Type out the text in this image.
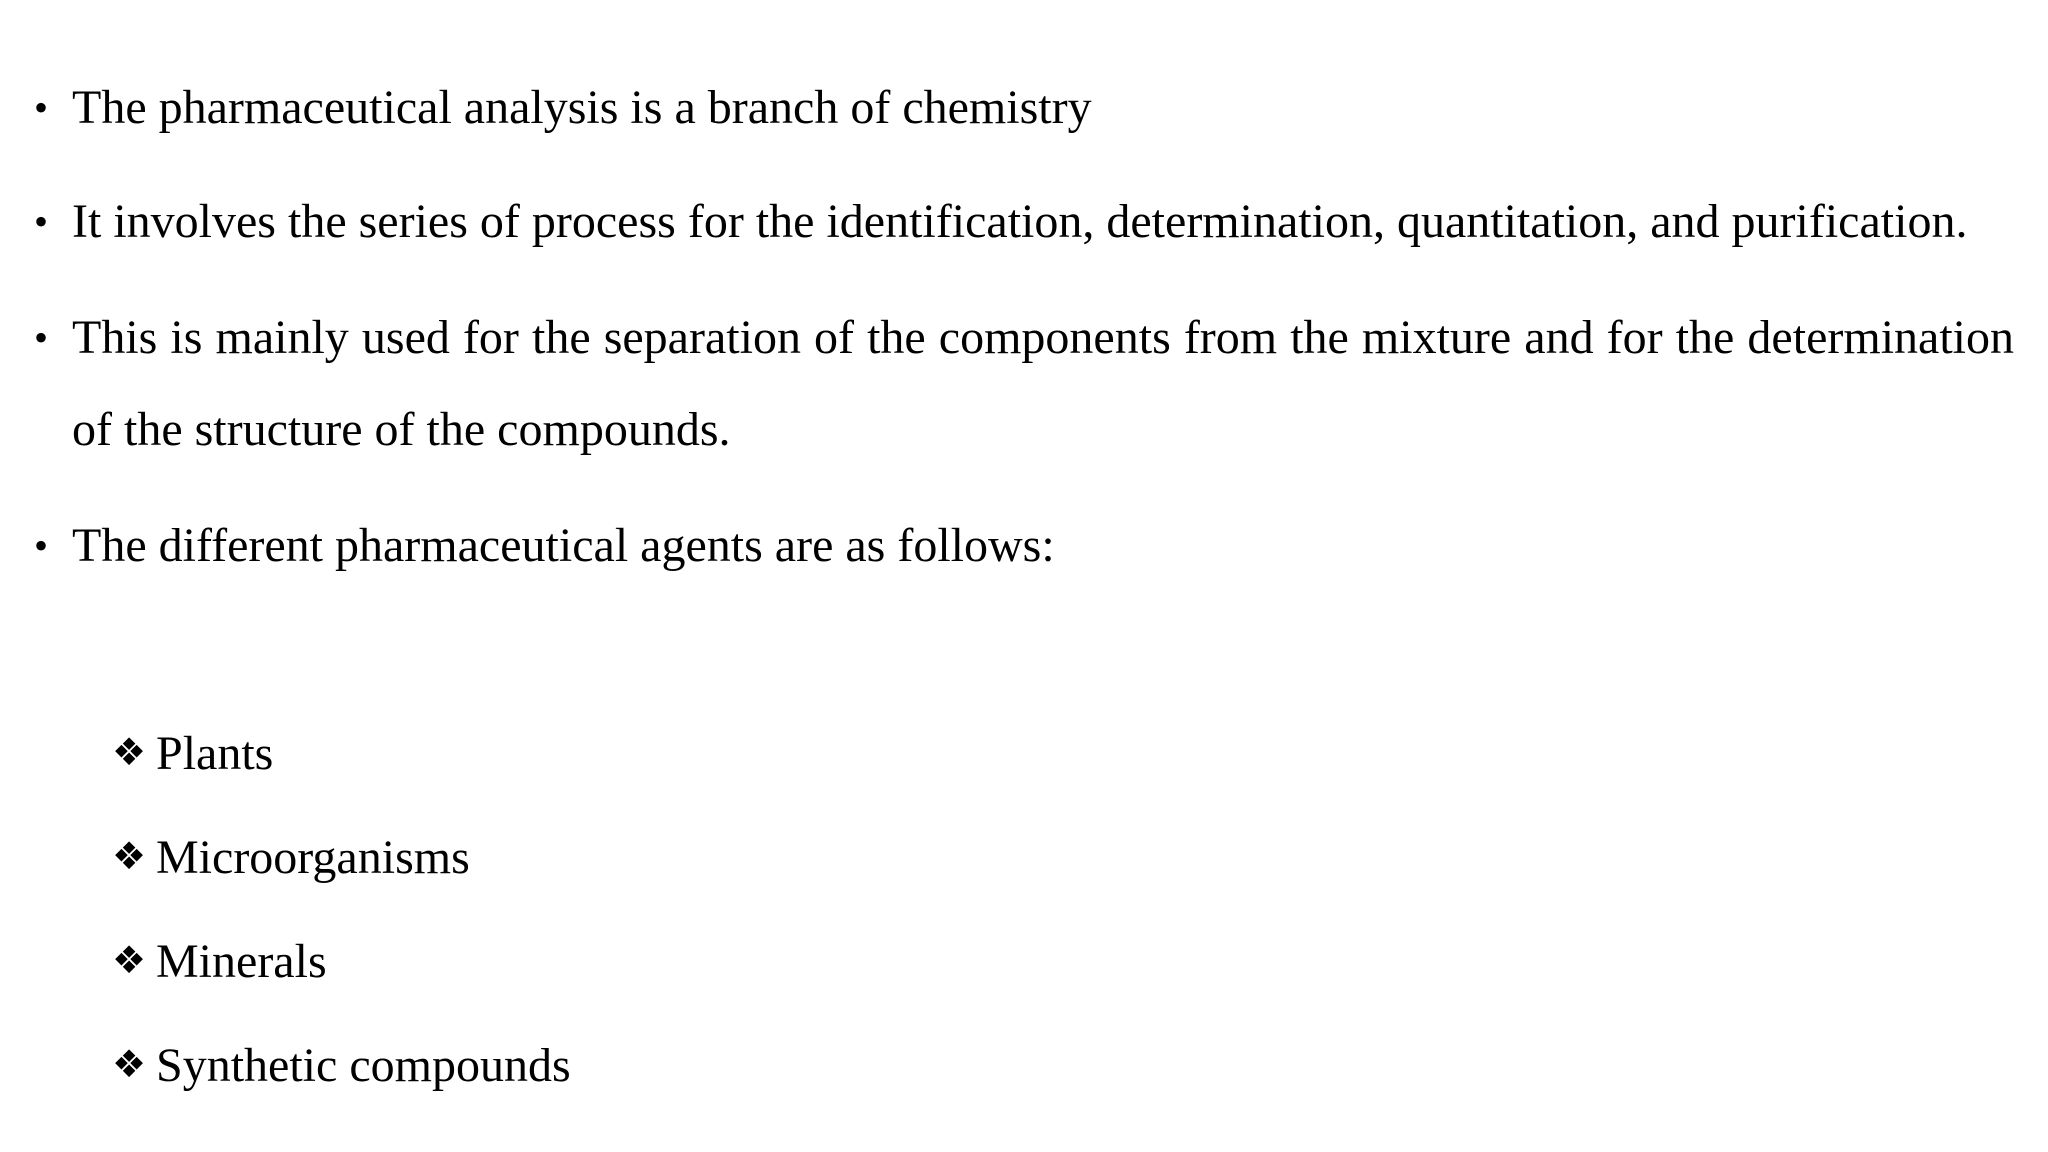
• The pharmaceutical analysis is a branch of chemistry
• It involves the series of process for the identification, determination, quantitation, and purification.
• This is mainly used for the separation of the components from the mixture and for the determination of the structure of the compounds.
• The different pharmaceutical agents are as follows:
❖ Plants
❖ Microorganisms
❖ Minerals
❖ Synthetic compounds
